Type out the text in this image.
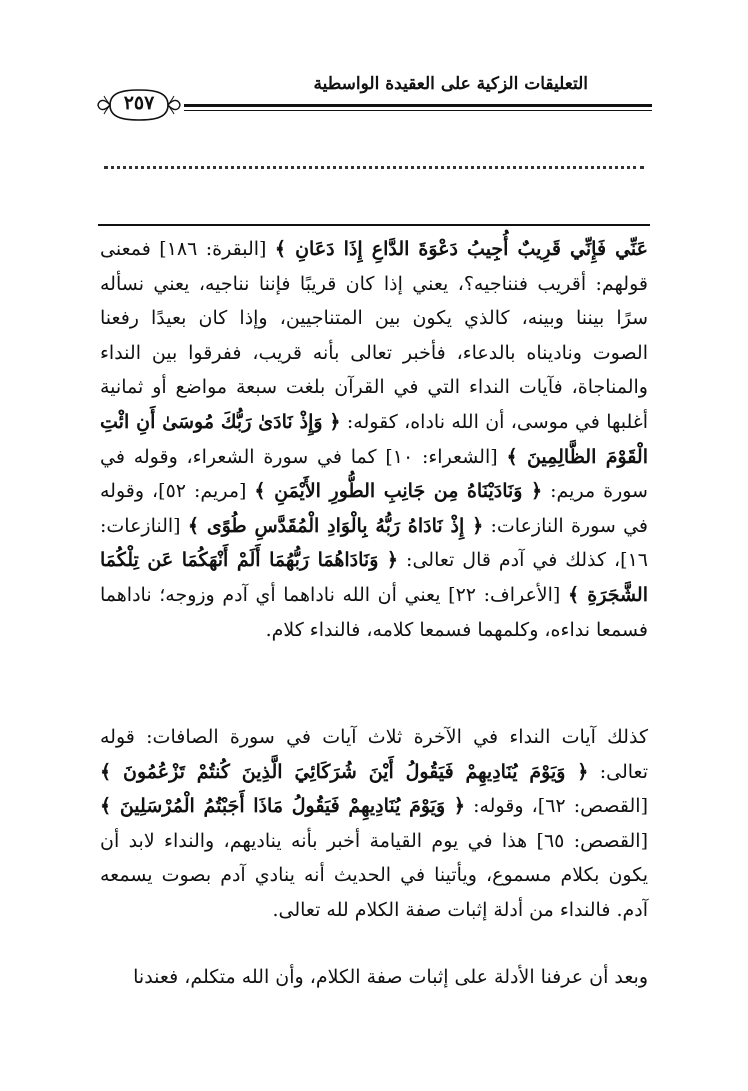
التعليقات الزكية على العقيدة الواسطية
٢٥٧

عَنِّي فَإِنِّي قَرِيبٌ أُجِيبُ دَعْوَةَ الدَّاعِ إِذَا دَعَانِ ﴾ [البقرة: ١٨٦] فمعنى قولهم: أقريب فنناجيه؟، يعني إذا كان قريبًا فإننا نناجيه، يعني نسأله سرًا بيننا وبينه، كالذي يكون بين المتناجيين، وإذا كان بعيدًا رفعنا الصوت وناديناه بالدعاء، فأخبر تعالى بأنه قريب، ففرقوا بين النداء والمناجاة، فآيات النداء التي في القرآن بلغت سبعة مواضع أو ثمانية أغلبها في موسى، أن الله ناداه، كقوله: ﴿ وَإِذْ نَادَىٰ رَبُّكَ مُوسَىٰ أَنِ ائْتِ الْقَوْمَ الظَّالِمِينَ ﴾ [الشعراء: ١٠] كما في سورة الشعراء، وقوله في سورة مريم: ﴿ وَنَادَيْنَاهُ مِن جَانِبِ الطُّورِ الأَيْمَنِ ﴾ [مريم: ٥٢]، وقوله في سورة النازعات: ﴿ إِذْ نَادَاهُ رَبُّهُ بِالْوَادِ الْمُقَدَّسِ طُوًى ﴾ [النازعات: ١٦]، كذلك في آدم قال تعالى: ﴿ وَنَادَاهُمَا رَبُّهُمَا أَلَمْ أَنْهَكُمَا عَن تِلْكُمَا الشَّجَرَةِ ﴾ [الأعراف: ٢٢] يعني أن الله ناداهما أي آدم وزوجه؛ ناداهما فسمعا نداءه، وكلمهما فسمعا كلامه، فالنداء كلام.

كذلك آيات النداء في الآخرة ثلاث آيات في سورة الصافات: قوله تعالى: ﴿ وَيَوْمَ يُنَادِيهِمْ فَيَقُولُ أَيْنَ شُرَكَائِيَ الَّذِينَ كُنتُمْ تَزْعُمُونَ ﴾ [القصص: ٦٢]، وقوله: ﴿ وَيَوْمَ يُنَادِيهِمْ فَيَقُولُ مَاذَا أَجَبْتُمُ الْمُرْسَلِينَ ﴾ [القصص: ٦٥] هذا في يوم القيامة أخبر بأنه يناديهم، والنداء لابد أن يكون بكلام مسموع، ويأتينا في الحديث أنه ينادي آدم بصوت يسمعه آدم. فالنداء من أدلة إثبات صفة الكلام لله تعالى.

وبعد أن عرفنا الأدلة على إثبات صفة الكلام، وأن الله متكلم، فعندنا
